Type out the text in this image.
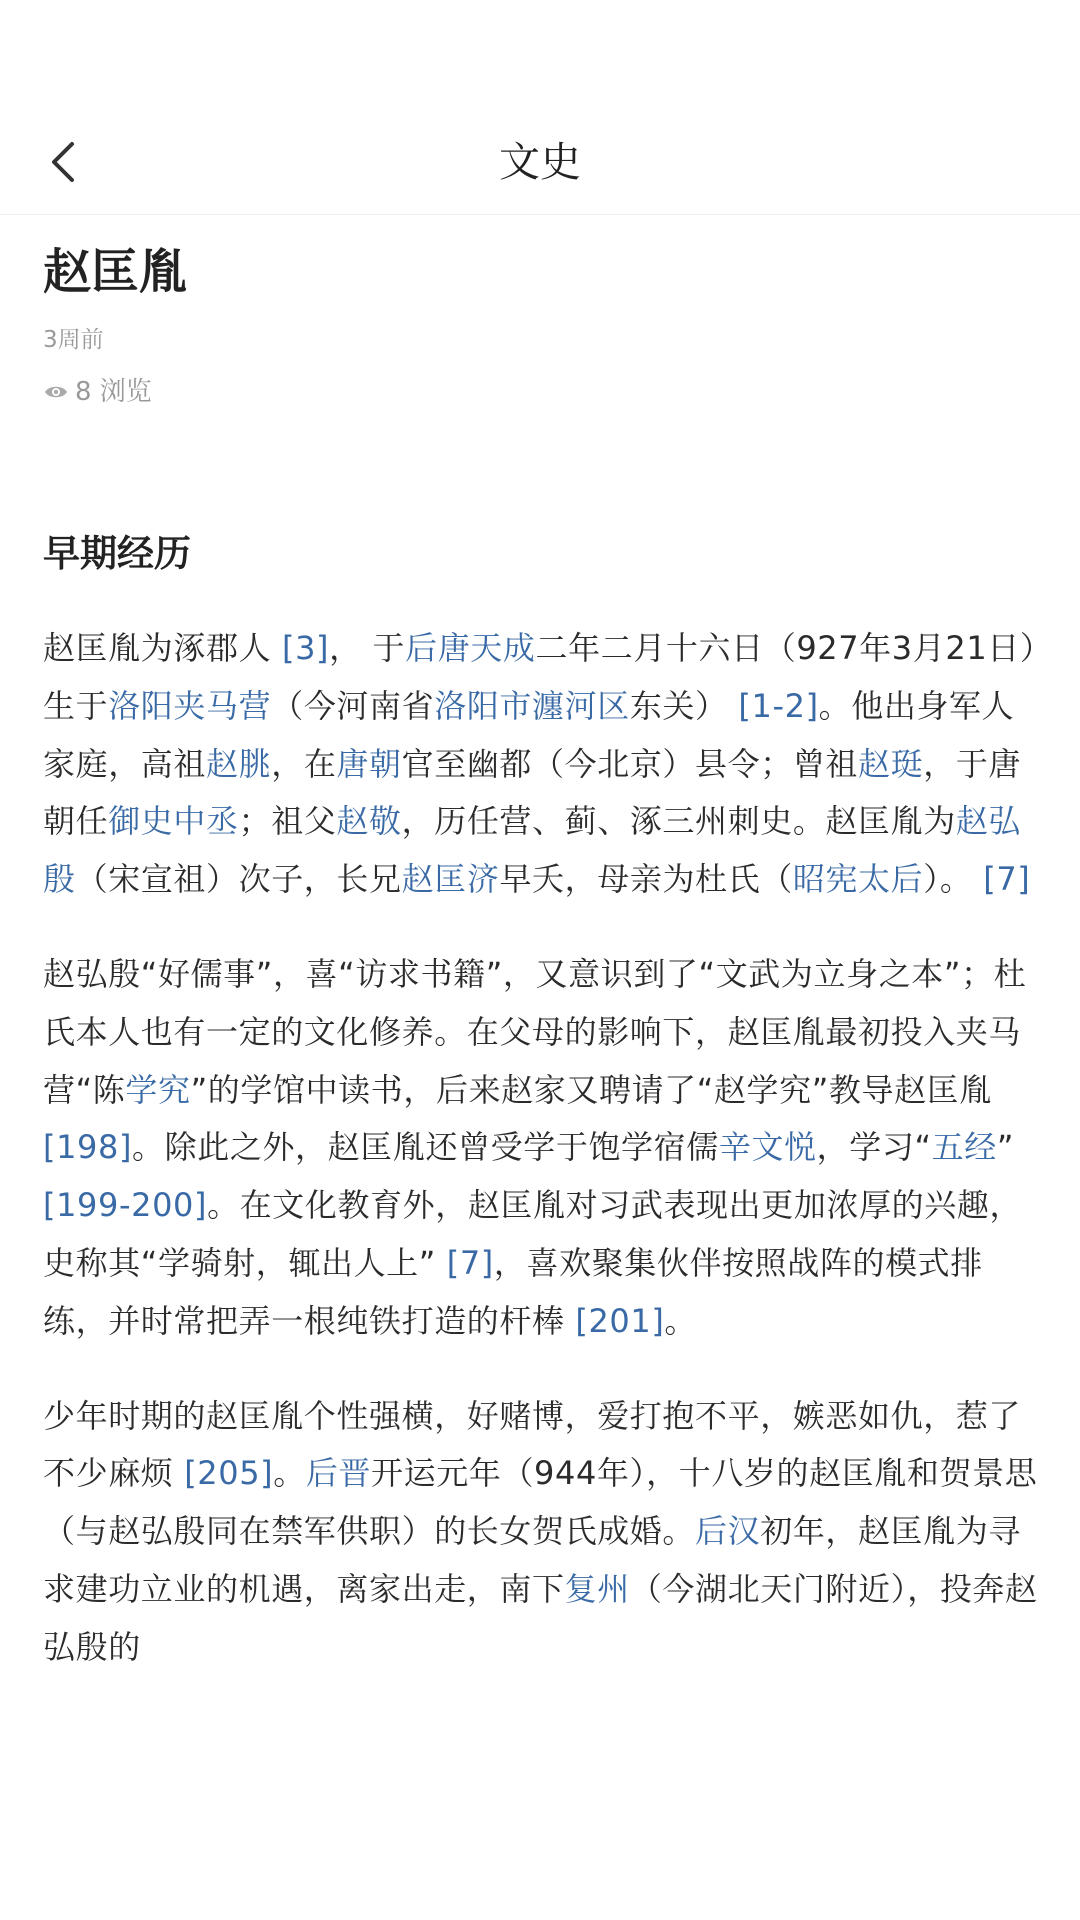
文史
赵匡胤
3周前
8 浏览
早期经历

赵匡胤为涿郡人 [3]， 于后唐天成二年二月十六日（927年3月21日）生于洛阳夹马营（今河南省洛阳市瀍河区东关） [1-2]。他出身军人家庭，高祖赵朓，在唐朝官至幽都（今北京）县令；曾祖赵珽，于唐朝任御史中丞；祖父赵敬，历任营、蓟、涿三州刺史。赵匡胤为赵弘殷（宋宣祖）次子，长兄赵匡济早夭，母亲为杜氏（昭宪太后）。 [7]

赵弘殷“好儒事”，喜“访求书籍”，又意识到了“文武为立身之本”；杜氏本人也有一定的文化修养。在父母的影响下，赵匡胤最初投入夹马营“陈学究”的学馆中读书，后来赵家又聘请了“赵学究”教导赵匡胤 [198]。除此之外，赵匡胤还曾受学于饱学宿儒辛文悦，学习“五经” [199-200]。在文化教育外，赵匡胤对习武表现出更加浓厚的兴趣，史称其“学骑射，辄出人上” [7]，喜欢聚集伙伴按照战阵的模式排练，并时常把弄一根纯铁打造的杆棒 [201]。

少年时期的赵匡胤个性强横，好赌博，爱打抱不平，嫉恶如仇，惹了不少麻烦 [205]。后晋开运元年（944年），十八岁的赵匡胤和贺景思（与赵弘殷同在禁军供职）的长女贺氏成婚。后汉初年，赵匡胤为寻求建功立业的机遇，离家出走，南下复州（今湖北天门附近），投奔赵弘殷的
